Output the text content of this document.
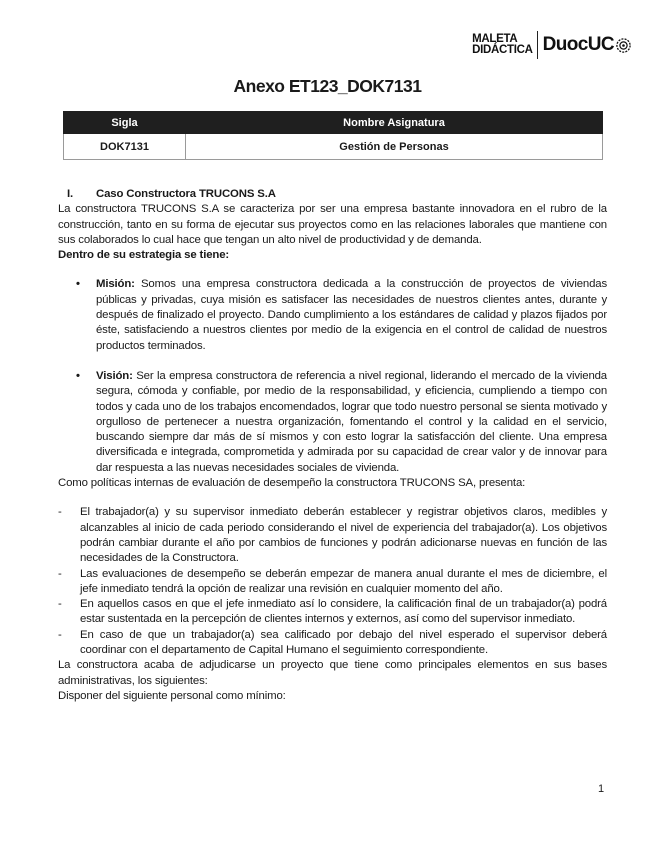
MALETA
DIDÁCTICA DuocUC
Anexo ET123_DOK7131
Sigla	Nombre Asignatura
DOK7131	Gestión de Personas
I.	Caso Constructora TRUCONS S.A

La constructora TRUCONS S.A se caracteriza por ser una empresa bastante innovadora en el rubro de la construcción, tanto en su forma de ejecutar sus proyectos como en las relaciones laborales que mantiene con sus colaborados lo cual hace que tengan un alto nivel de productividad y de demanda.

Dentro de su estrategia se tiene:

• Misión: Somos una empresa constructora dedicada a la construcción de proyectos de viviendas públicas y privadas, cuya misión es satisfacer las necesidades de nuestros clientes antes, durante y después de finalizado el proyecto. Dando cumplimiento a los estándares de calidad y plazos fijados por éste, satisfaciendo a nuestros clientes por medio de la exigencia en el control de calidad de nuestros productos terminados.
• Visión: Ser la empresa constructora de referencia a nivel regional, liderando el mercado de la vivienda segura, cómoda y confiable, por medio de la responsabilidad, y eficiencia, cumpliendo a tiempo con todos y cada uno de los trabajos encomendados, lograr que todo nuestro personal se sienta motivado y orgulloso de pertenecer a nuestra organización, fomentando el control y la calidad en el servicio, buscando siempre dar más de sí mismos y con esto lograr la satisfacción del cliente. Una empresa diversificada e integrada, comprometida y admirada por su capacidad de crear valor y de innovar para dar respuesta a las nuevas necesidades sociales de vivienda.

Como políticas internas de evaluación de desempeño la constructora TRUCONS SA, presenta:

- El trabajador(a) y su supervisor inmediato deberán establecer y registrar objetivos claros, medibles y alcanzables al inicio de cada periodo considerando el nivel de experiencia del trabajador(a). Los objetivos podrán cambiar durante el año por cambios de funciones y podrán adicionarse nuevas en función de las necesidades de la Constructora.
- Las evaluaciones de desempeño se deberán empezar de manera anual durante el mes de diciembre, el jefe inmediato tendrá la opción de realizar una revisión en cualquier momento del año.
- En aquellos casos en que el jefe inmediato así lo considere, la calificación final de un trabajador(a) podrá estar sustentada en la percepción de clientes internos y externos, así como del supervisor inmediato.
- En caso de que un trabajador(a) sea calificado por debajo del nivel esperado el supervisor deberá coordinar con el departamento de Capital Humano el seguimiento correspondiente.

La constructora acaba de adjudicarse un proyecto que tiene como principales elementos en sus bases administrativas, los siguientes:

Disponer del siguiente personal como mínimo:

1
